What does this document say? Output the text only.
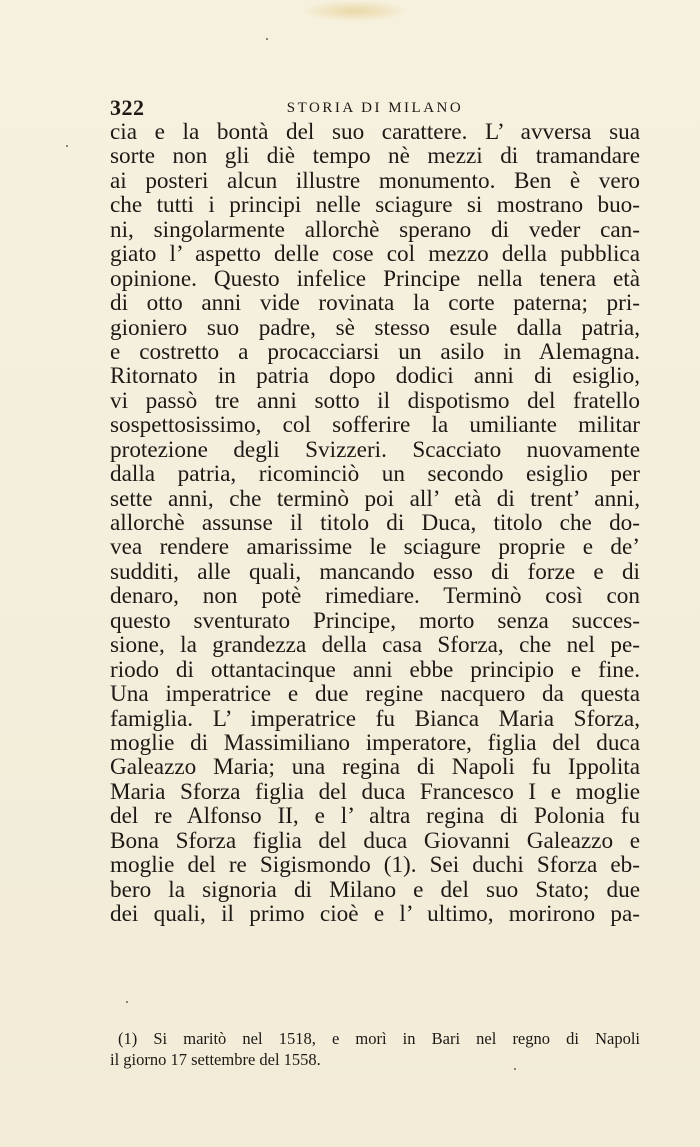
322	STORIA DI MILANO
cia e la bontà del suo carattere. L’ avversa sua
sorte non gli diè tempo nè mezzi di tramandare
ai posteri alcun illustre monumento. Ben è vero
che tutti i principi nelle sciagure si mostrano buo-
ni, singolarmente allorchè sperano di veder can-
giato l’ aspetto delle cose col mezzo della pubblica
opinione. Questo infelice Principe nella tenera età
di otto anni vide rovinata la corte paterna; pri-
gioniero suo padre, sè stesso esule dalla patria,
e costretto a procacciarsi un asilo in Alemagna.
Ritornato in patria dopo dodici anni di esiglio,
vi passò tre anni sotto il dispotismo del fratello
sospettosissimo, col sofferire la umiliante militar
protezione degli Svizzeri. Scacciato nuovamente
dalla patria, ricominciò un secondo esiglio per
sette anni, che terminò poi all’ età di trent’ anni,
allorchè assunse il titolo di Duca, titolo che do-
vea rendere amarissime le sciagure proprie e de’
sudditi, alle quali, mancando esso di forze e di
denaro, non potè rimediare. Terminò così con
questo sventurato Principe, morto senza succes-
sione, la grandezza della casa Sforza, che nel pe-
riodo di ottantacinque anni ebbe principio e fine.
Una imperatrice e due regine nacquero da questa
famiglia. L’ imperatrice fu Bianca Maria Sforza,
moglie di Massimiliano imperatore, figlia del duca
Galeazzo Maria; una regina di Napoli fu Ippolita
Maria Sforza figlia del duca Francesco I e moglie
del re Alfonso II, e l’ altra regina di Polonia fu
Bona Sforza figlia del duca Giovanni Galeazzo e
moglie del re Sigismondo (1). Sei duchi Sforza eb-
bero la signoria di Milano e del suo Stato; due
dei quali, il primo cioè e l’ ultimo, morirono pa-
(1) Si maritò nel 1518, e morì in Bari nel regno di Napoli
il giorno 17 settembre del 1558.
